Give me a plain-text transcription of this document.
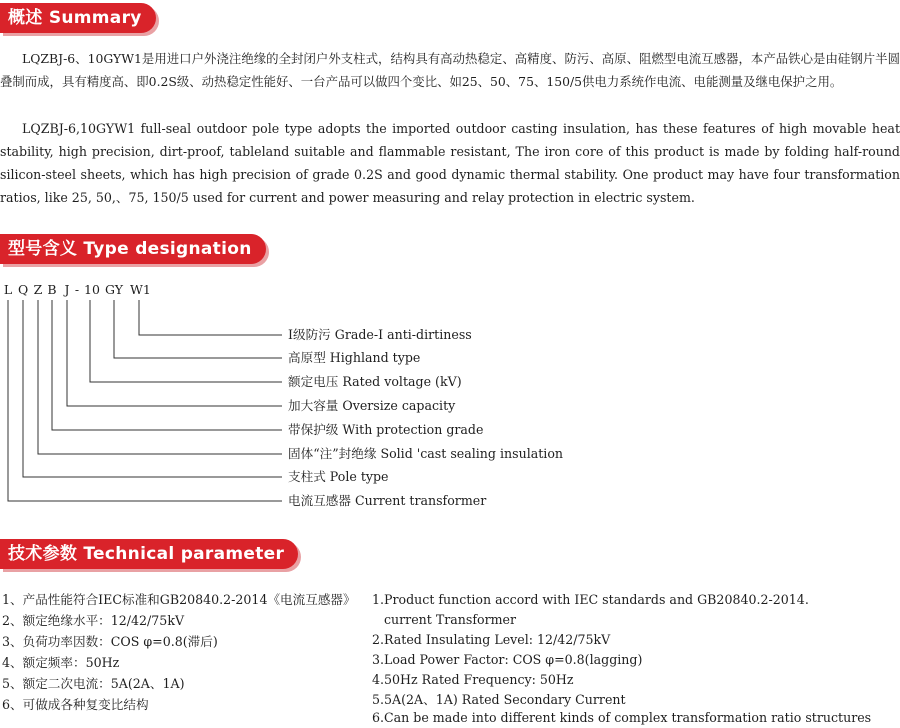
概述 Summary
LQZBJ-6、10GYW1是用进口户外浇注绝缘的全封闭户外支柱式，结构具有高动热稳定、高精度、防污、高原、阻燃型电流互感器，本产品铁心是由硅钢片半圆叠制而成，具有精度高、即0.2S级、动热稳定性能好、一台产品可以做四个变比、如25、50、75、150/5供电力系统作电流、电能测量及继电保护之用。
LQZBJ-6,10GYW1 full-seal outdoor pole type adopts the imported outdoor casting insulation, has these features of high movable heat stability, high precision, dirt-proof, tableland suitable and flammable resistant, The iron core of this product is made by folding half-round silicon-steel sheets, which has high precision of grade 0.2S and good dynamic thermal stability. One product may have four transformation ratios, like 25, 50,、75, 150/5 used for current and power measuring and relay protection in electric system.
型号含义 Type designation
L Q Z B J - 10 GY W1
I级防污 Grade-I anti-dirtiness
高原型 Highland type
额定电压 Rated voltage (kV)
加大容量 Oversize capacity
带保护级 With protection grade
固体“注”封绝缘 Solid 'cast sealing insulation
支柱式 Pole type
电流互感器 Current transformer
技术参数 Technical parameter
1、产品性能符合IEC标准和GB20840.2-2014《电流互感器》
2、额定绝缘水平：12/42/75kV
3、负荷功率因数：COS φ=0.8(滞后)
4、额定频率：50Hz
5、额定二次电流：5A(2A、1A)
6、可做成各种复变比结构
1.Product function accord with IEC standards and GB20840.2-2014.
current Transformer
2.Rated Insulating Level: 12/42/75kV
3.Load Power Factor: COS φ=0.8(lagging)
4.50Hz Rated Frequency: 50Hz
5.5A(2A、1A) Rated Secondary Current
6.Can be made into different kinds of complex transformation ratio structures
